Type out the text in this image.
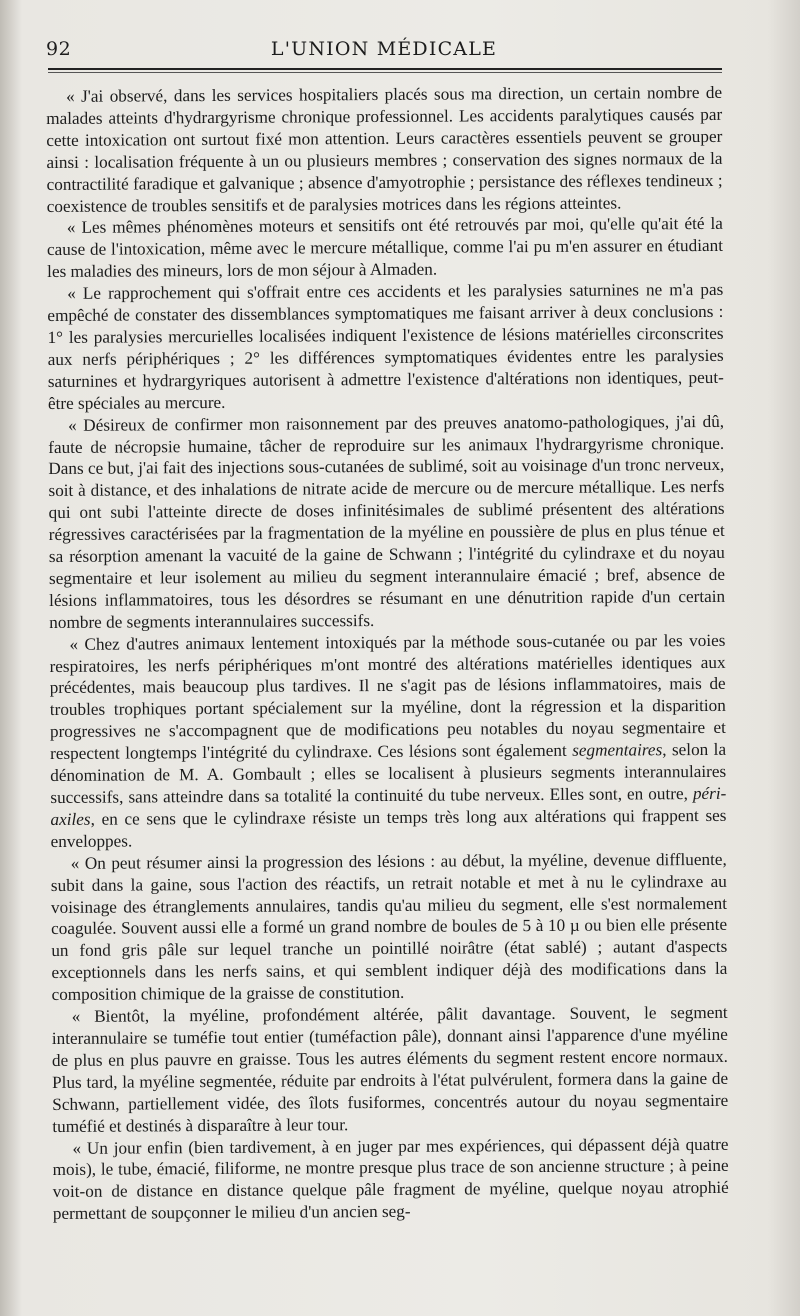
92	L'UNION MÉDICALE

« J'ai observé, dans les services hospitaliers placés sous ma direction, un certain nombre de malades atteints d'hydrargyrisme chronique professionnel. Les accidents paralytiques causés par cette intoxication ont surtout fixé mon attention. Leurs caractères essentiels peuvent se grouper ainsi : localisation fréquente à un ou plusieurs membres ; conservation des signes normaux de la contractilité faradique et galvanique ; absence d'amyotrophie ; persistance des réflexes tendineux ; coexistence de troubles sensitifs et de paralysies motrices dans les régions atteintes.

« Les mêmes phénomènes moteurs et sensitifs ont été retrouvés par moi, qu'elle qu'ait été la cause de l'intoxication, même avec le mercure métallique, comme l'ai pu m'en assurer en étudiant les maladies des mineurs, lors de mon séjour à Almaden.

« Le rapprochement qui s'offrait entre ces accidents et les paralysies saturnines ne m'a pas empêché de constater des dissemblances symptomatiques me faisant arriver à deux conclusions : 1° les paralysies mercurielles localisées indiquent l'existence de lésions matérielles circonscrites aux nerfs périphériques ; 2° les différences symptomatiques évidentes entre les paralysies saturnines et hydrargyriques autorisent à admettre l'existence d'altérations non identiques, peut-être spéciales au mercure.

« Désireux de confirmer mon raisonnement par des preuves anatomo-pathologiques, j'ai dû, faute de nécropsie humaine, tâcher de reproduire sur les animaux l'hydrargyrisme chronique. Dans ce but, j'ai fait des injections sous-cutanées de sublimé, soit au voisinage d'un tronc nerveux, soit à distance, et des inhalations de nitrate acide de mercure ou de mercure métallique. Les nerfs qui ont subi l'atteinte directe de doses infinitésimales de sublimé présentent des altérations régressives caractérisées par la fragmentation de la myéline en poussière de plus en plus ténue et sa résorption amenant la vacuité de la gaine de Schwann ; l'intégrité du cylindraxe et du noyau segmentaire et leur isolement au milieu du segment interannulaire émacié ; bref, absence de lésions inflammatoires, tous les désordres se résumant en une dénutrition rapide d'un certain nombre de segments interannulaires successifs.

« Chez d'autres animaux lentement intoxiqués par la méthode sous-cutanée ou par les voies respiratoires, les nerfs périphériques m'ont montré des altérations matérielles identiques aux précédentes, mais beaucoup plus tardives. Il ne s'agit pas de lésions inflammatoires, mais de troubles trophiques portant spécialement sur la myéline, dont la régression et la disparition progressives ne s'accompagnent que de modifications peu notables du noyau segmentaire et respectent longtemps l'intégrité du cylindraxe. Ces lésions sont également segmentaires, selon la dénomination de M. A. Gombault ; elles se localisent à plusieurs segments interannulaires successifs, sans atteindre dans sa totalité la continuité du tube nerveux. Elles sont, en outre, péri-axiles, en ce sens que le cylindraxe résiste un temps très long aux altérations qui frappent ses enveloppes.

« On peut résumer ainsi la progression des lésions : au début, la myéline, devenue diffluente, subit dans la gaine, sous l'action des réactifs, un retrait notable et met à nu le cylindraxe au voisinage des étranglements annulaires, tandis qu'au milieu du segment, elle s'est normalement coagulée. Souvent aussi elle a formé un grand nombre de boules de 5 à 10 µ ou bien elle présente un fond gris pâle sur lequel tranche un pointillé noirâtre (état sablé) ; autant d'aspects exceptionnels dans les nerfs sains, et qui semblent indiquer déjà des modifications dans la composition chimique de la graisse de constitution.

« Bientôt, la myéline, profondément altérée, pâlit davantage. Souvent, le segment interannulaire se tuméfie tout entier (tuméfaction pâle), donnant ainsi l'apparence d'une myéline de plus en plus pauvre en graisse. Tous les autres éléments du segment restent encore normaux. Plus tard, la myéline segmentée, réduite par endroits à l'état pulvérulent, formera dans la gaine de Schwann, partiellement vidée, des îlots fusiformes, concentrés autour du noyau segmentaire tuméfié et destinés à disparaître à leur tour.

« Un jour enfin (bien tardivement, à en juger par mes expériences, qui dépassent déjà quatre mois), le tube, émacié, filiforme, ne montre presque plus trace de son ancienne structure ; à peine voit-on de distance en distance quelque pâle fragment de myéline, quelque noyau atrophié permettant de soupçonner le milieu d'un ancien seg-
